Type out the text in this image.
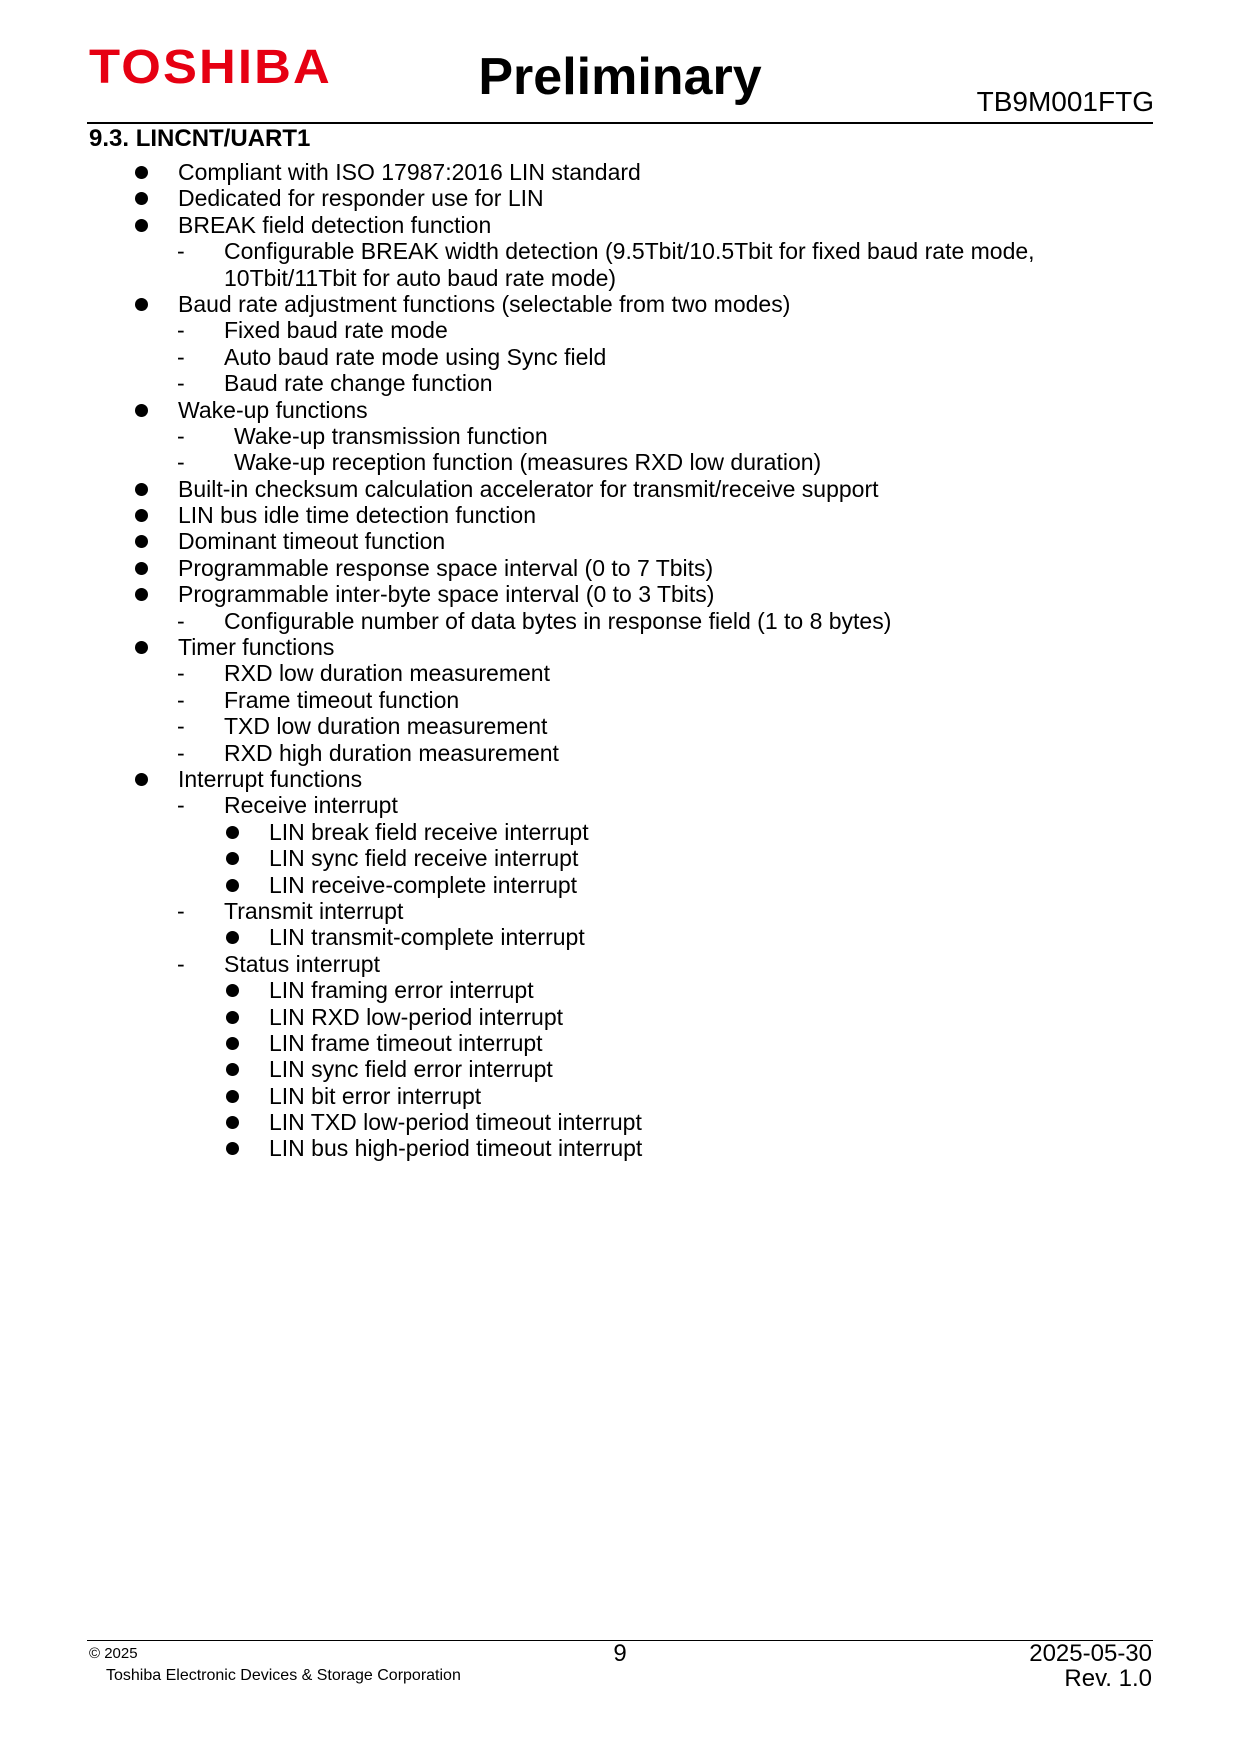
TOSHIBA	Preliminary	TB9M001FTG
9.3. LINCNT/UART1
Compliant with ISO 17987:2016 LIN standard
Dedicated for responder use for LIN
BREAK field detection function
- Configurable BREAK width detection (9.5Tbit/10.5Tbit for fixed baud rate mode,
10Tbit/11Tbit for auto baud rate mode)
Baud rate adjustment functions (selectable from two modes)
- Fixed baud rate mode
- Auto baud rate mode using Sync field
- Baud rate change function
Wake-up functions
- Wake-up transmission function
- Wake-up reception function (measures RXD low duration)
Built-in checksum calculation accelerator for transmit/receive support
LIN bus idle time detection function
Dominant timeout function
Programmable response space interval (0 to 7 Tbits)
Programmable inter-byte space interval (0 to 3 Tbits)
- Configurable number of data bytes in response field (1 to 8 bytes)
Timer functions
- RXD low duration measurement
- Frame timeout function
- TXD low duration measurement
- RXD high duration measurement
Interrupt functions
- Receive interrupt
LIN break field receive interrupt
LIN sync field receive interrupt
LIN receive-complete interrupt
- Transmit interrupt
LIN transmit-complete interrupt
- Status interrupt
LIN framing error interrupt
LIN RXD low-period interrupt
LIN frame timeout interrupt
LIN sync field error interrupt
LIN bit error interrupt
LIN TXD low-period timeout interrupt
LIN bus high-period timeout interrupt
© 2025
Toshiba Electronic Devices & Storage Corporation
9	2025-05-30
Rev. 1.0
